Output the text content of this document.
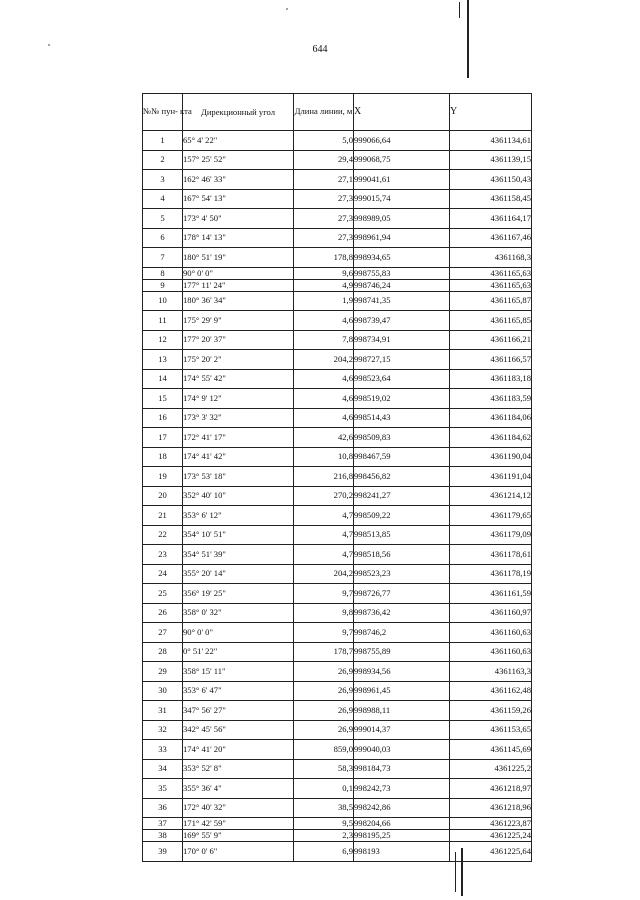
644
№№ пун- кта	Дирекционный угол	Длина линии, м	X	Y
1	65° 4' 22"	5,0	999066,64	4361134,61
2	157° 25' 52"	29,4	999068,75	4361139,15
3	162° 46' 33"	27,1	999041,61	4361150,43
4	167° 54' 13"	27,3	999015,74	4361158,45
5	173° 4' 50"	27,3	998989,05	4361164,17
6	178° 14' 13"	27,3	998961,94	4361167,46
7	180° 51' 19"	178,8	998934,65	4361168,3
8	90° 0' 0"	9,6	998755,83	4361165,63
9	177° 11' 24"	4,9	998746,24	4361165,63
10	180° 36' 34"	1,9	998741,35	4361165,87
11	175° 29' 9"	4,6	998739,47	4361165,85
12	177° 20' 37"	7,8	998734,91	4361166,21
13	175° 20' 2"	204,2	998727,15	4361166,57
14	174° 55' 42"	4,6	998523,64	4361183,18
15	174° 9' 12"	4,6	998519,02	4361183,59
16	173° 3' 32"	4,6	998514,43	4361184,06
17	172° 41' 17"	42,6	998509,83	4361184,62
18	174° 41' 42"	10,8	998467,59	4361190,04
19	173° 53' 18"	216,8	998456,82	4361191,04
20	352° 40' 10"	270,2	998241,27	4361214,12
21	353° 6' 12"	4,7	998509,22	4361179,65
22	354° 10' 51"	4,7	998513,85	4361179,09
23	354° 51' 39"	4,7	998518,56	4361178,61
24	355° 20' 14"	204,2	998523,23	4361178,19
25	356° 19' 25"	9,7	998726,77	4361161,59
26	358° 0' 32"	9,8	998736,42	4361160,97
27	90° 0' 0"	9,7	998746,2	4361160,63
28	0° 51' 22"	178,7	998755,89	4361160,63
29	358° 15' 11"	26,9	998934,56	4361163,3
30	353° 6' 47"	26,9	998961,45	4361162,48
31	347° 56' 27"	26,9	998988,11	4361159,26
32	342° 45' 56"	26,9	999014,37	4361153,65
33	174° 41' 20"	859,0	999040,03	4361145,69
34	353° 52' 8"	58,3	998184,73	4361225,2
35	355° 36' 4"	0,1	998242,73	4361218,97
36	172° 40' 32"	38,5	998242,86	4361218,96
37	171° 42' 59"	9,5	998204,66	4361223,87
38	169° 55' 9"	2,3	998195,25	4361225,24
39	170° 0' 6"	6,9	998193	4361225,64
